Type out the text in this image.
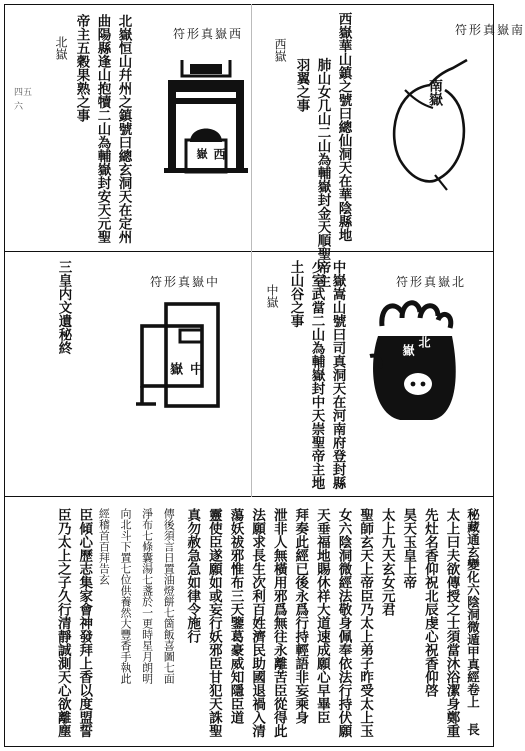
四五
六
南嶽真形符
南嶽
西嶽華山鎮之號曰總仙洞天在華陰縣地
肺山女几山二山為輔嶽封金天順聖帝主
羽翼之事
西嶽
西嶽真形符
西
嶽
北嶽恒山幷州之鎮號曰總玄洞天在定州
曲陽縣逢山抱犢二山為輔嶽封安天元聖
帝主五穀果熟之事
北嶽
北嶽真形符
北
嶽
中嶽嵩山號曰司真洞天在河南府登封縣
少室武當二山為輔嶽封中天崇聖帝主地
土山谷之事
中嶽
中嶽真形符
中
嶽
三皇内文遺秘終
秘藏通玄變化六陰洞微遁甲真經卷上 長
太上曰夫欲傳授之士須當沐浴潔身鄭重
先灶名香仰祝北辰虔心祝香仰啓
昊天玉皇上帝
太上九天玄女元君
聖師玄天上帝臣乃太上弟子昨受太上玉
女六陰洞微經法敬身佩奉依法行持伏願
天垂福地賜休祥大道速成願心早畢臣
拜奏此經已後永爲行持輕語非妄乘身
泄非人無橫用邪爲無往永離苦臣從得此
法願求長生次利百姓濟民助國退禍入清
蕩妖祓邪惟布三天鑒葛豪威知隱臣道
靈使臣遂願如或妄行妖邪臣甘犯天誅聖
真勿赦急急如律令施行
傳後須言日置油燈餅七箇飯喜圖七面
淨布七條囊湯七盞於一更時星月朗明
向北斗下置七位供養然大豐香手執此
經稽首百拜告玄
臣傾心歷志集家會神發拜上香以度盟誓
臣乃太上之子久行清靜誠測天心欲離塵
